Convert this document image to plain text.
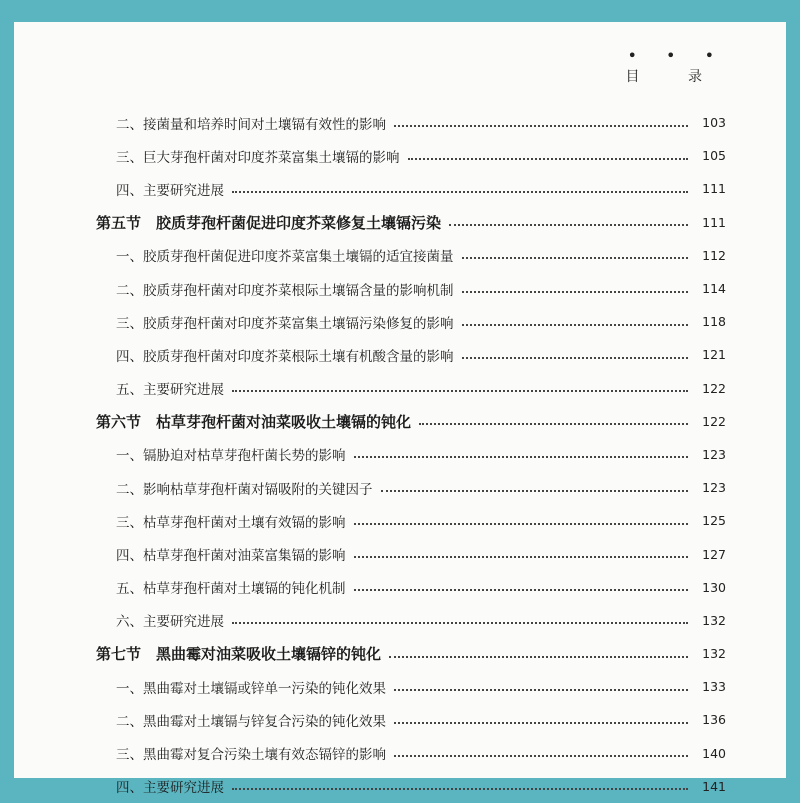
• • •
目 录
二、接菌量和培养时间对土壤镉有效性的影响	103
三、巨大芽孢杆菌对印度芥菜富集土壤镉的影响	105
四、主要研究进展	111
第五节　胶质芽孢杆菌促进印度芥菜修复土壤镉污染	111
一、胶质芽孢杆菌促进印度芥菜富集土壤镉的适宜接菌量	112
二、胶质芽孢杆菌对印度芥菜根际土壤镉含量的影响机制	114
三、胶质芽孢杆菌对印度芥菜富集土壤镉污染修复的影响	118
四、胶质芽孢杆菌对印度芥菜根际土壤有机酸含量的影响	121
五、主要研究进展	122
第六节　枯草芽孢杆菌对油菜吸收土壤镉的钝化	122
一、镉胁迫对枯草芽孢杆菌长势的影响	123
二、影响枯草芽孢杆菌对镉吸附的关键因子	123
三、枯草芽孢杆菌对土壤有效镉的影响	125
四、枯草芽孢杆菌对油菜富集镉的影响	127
五、枯草芽孢杆菌对土壤镉的钝化机制	130
六、主要研究进展	132
第七节　黑曲霉对油菜吸收土壤镉锌的钝化	132
一、黑曲霉对土壤镉或锌单一污染的钝化效果	133
二、黑曲霉对土壤镉与锌复合污染的钝化效果	136
三、黑曲霉对复合污染土壤有效态镉锌的影响	140
四、主要研究进展	141
